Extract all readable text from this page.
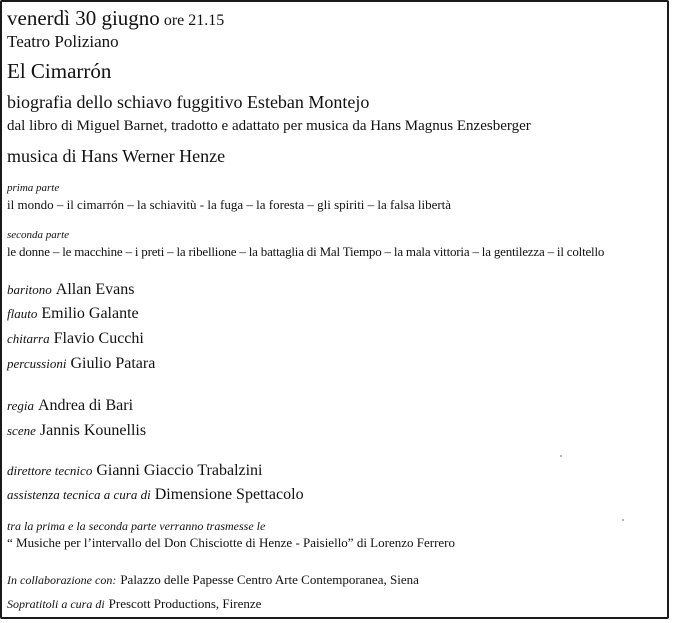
venerdì 30 giugno ore 21.15
Teatro Poliziano
El Cimarrón
biografia dello schiavo fuggitivo Esteban Montejo
dal libro di Miguel Barnet, tradotto e adattato per musica da Hans Magnus Enzesberger
musica di Hans Werner Henze
prima parte
il mondo – il cimarrón – la schiavitù - la fuga – la foresta – gli spiriti – la falsa libertà
seconda parte
le donne – le macchine – i preti – la ribellione – la battaglia di Mal Tiempo – la mala vittoria – la gentilezza – il coltello
baritono Allan Evans
flauto Emilio Galante
chitarra Flavio Cucchi
percussioni Giulio Patara
regia Andrea di Bari
scene Jannis Kounellis
direttore tecnico Gianni Giaccio Trabalzini
assistenza tecnica a cura di Dimensione Spettacolo
tra la prima e la seconda parte verranno trasmesse le
“ Musiche per l’intervallo del Don Chisciotte di Henze - Paisiello” di Lorenzo Ferrero
In collaborazione con: Palazzo delle Papesse Centro Arte Contemporanea, Siena
Sopratitoli a cura di Prescott Productions, Firenze
